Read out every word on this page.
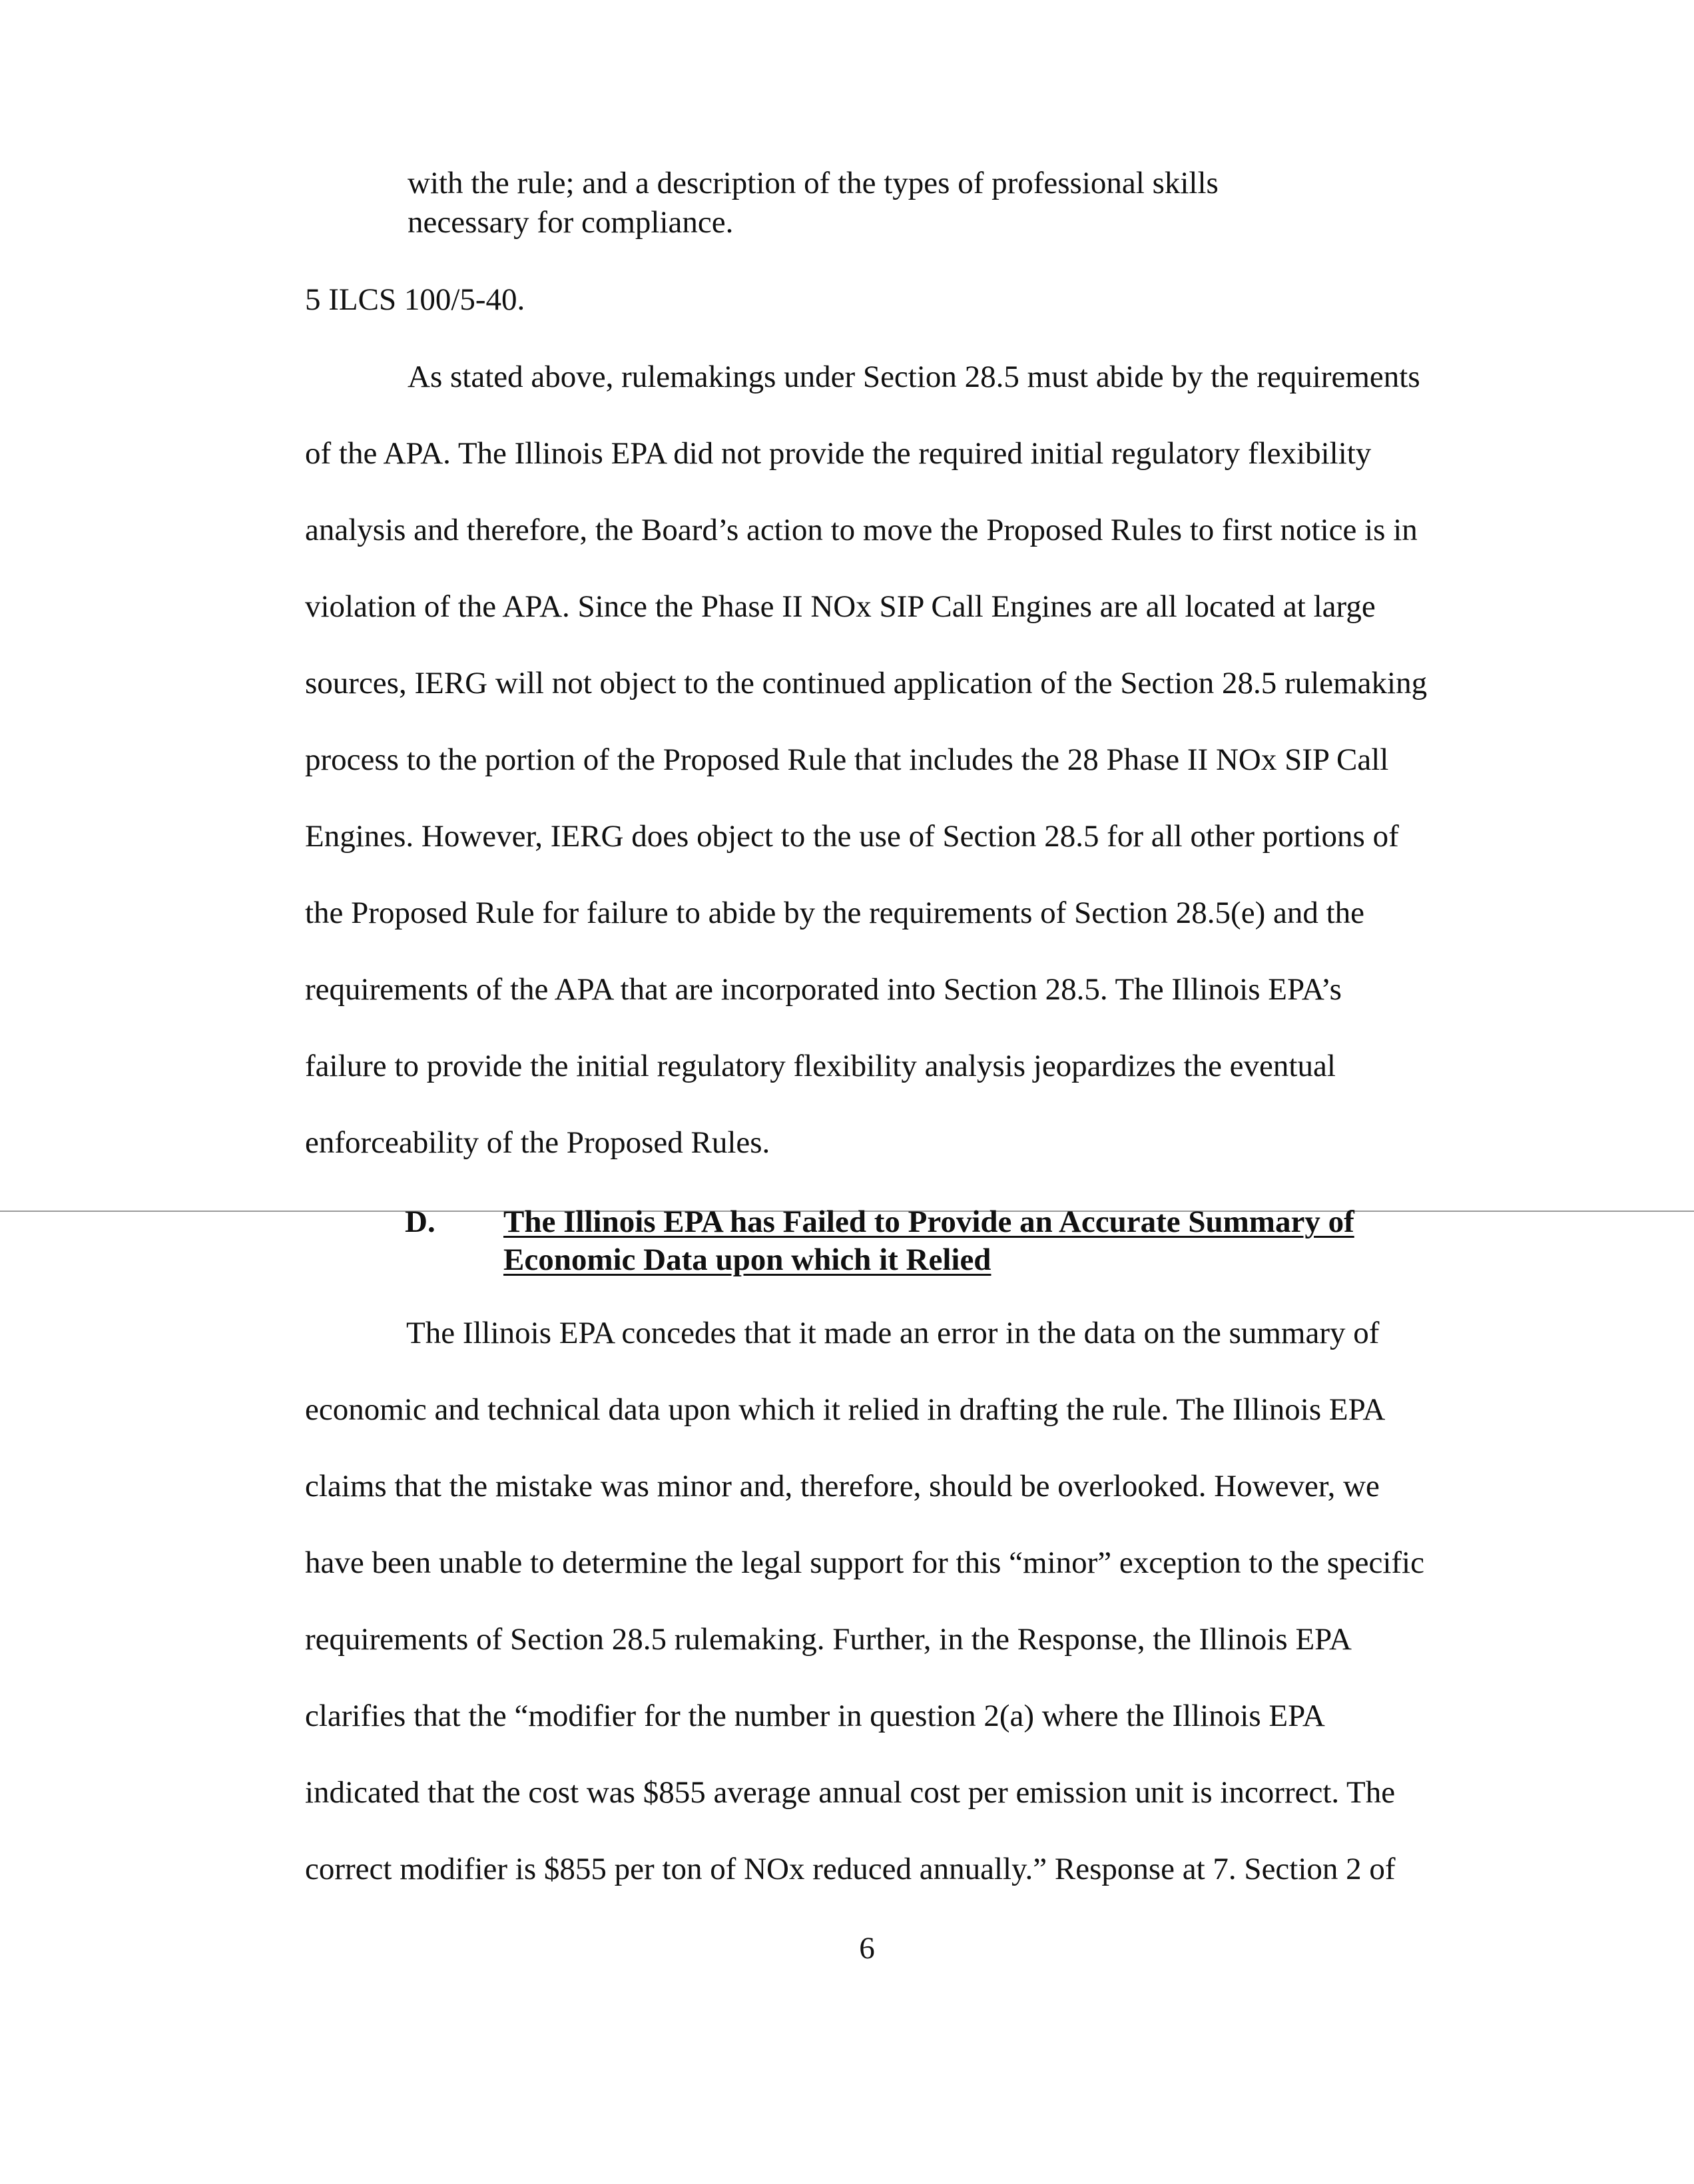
with the rule; and a description of the types of professional skills
necessary for compliance.
5 ILCS 100/5-40.
As stated above, rulemakings under Section 28.5 must abide by the requirements
of the APA. The Illinois EPA did not provide the required initial regulatory flexibility
analysis and therefore, the Board’s action to move the Proposed Rules to first notice is in
violation of the APA. Since the Phase II NOx SIP Call Engines are all located at large
sources, IERG will not object to the continued application of the Section 28.5 rulemaking
process to the portion of the Proposed Rule that includes the 28 Phase II NOx SIP Call
Engines. However, IERG does object to the use of Section 28.5 for all other portions of
the Proposed Rule for failure to abide by the requirements of Section 28.5(e) and the
requirements of the APA that are incorporated into Section 28.5. The Illinois EPA’s
failure to provide the initial regulatory flexibility analysis jeopardizes the eventual
enforceability of the Proposed Rules.
D. The Illinois EPA has Failed to Provide an Accurate Summary of
Economic Data upon which it Relied
The Illinois EPA concedes that it made an error in the data on the summary of
economic and technical data upon which it relied in drafting the rule. The Illinois EPA
claims that the mistake was minor and, therefore, should be overlooked. However, we
have been unable to determine the legal support for this “minor” exception to the specific
requirements of Section 28.5 rulemaking. Further, in the Response, the Illinois EPA
clarifies that the “modifier for the number in question 2(a) where the Illinois EPA
indicated that the cost was $855 average annual cost per emission unit is incorrect. The
correct modifier is $855 per ton of NOx reduced annually.” Response at 7. Section 2 of
6
